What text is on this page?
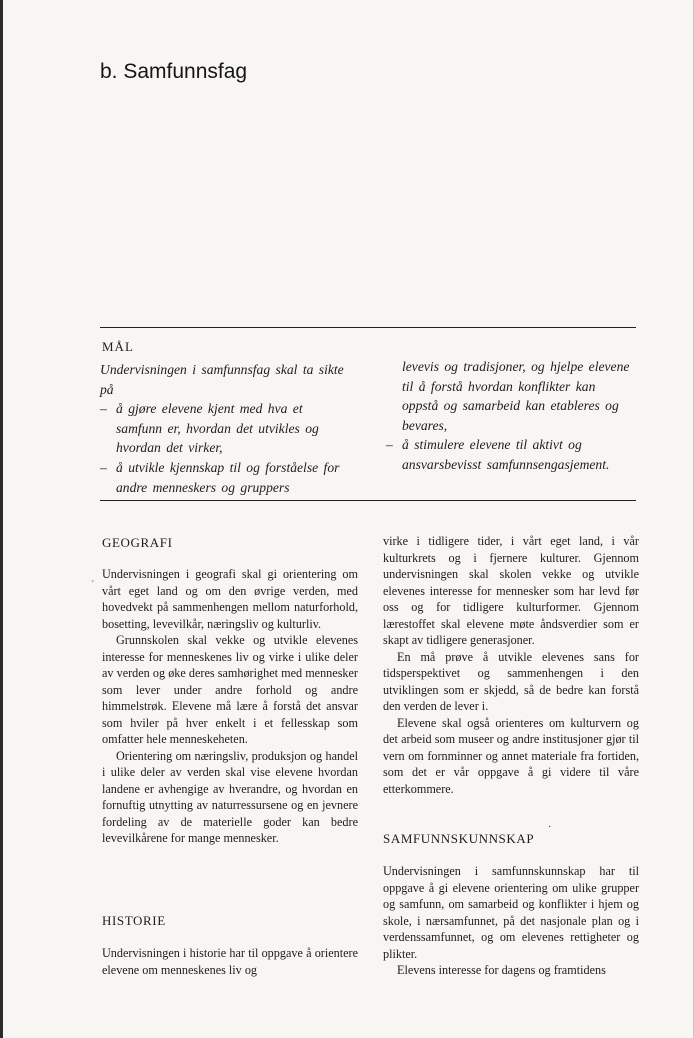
b. Samfunnsfag
MÅL

Undervisningen i samfunnsfag skal ta sikte på

– å gjøre elevene kjent med hva et samfunn er, hvordan det utvikles og hvordan det virker,

– å utvikle kjennskap til og forståelse for andre menneskers og gruppers

levevis og tradisjoner, og hjelpe elevene til å forstå hvordan konflikter kan oppstå og samarbeid kan etableres og bevares,

– å stimulere elevene til aktivt og ansvarsbevisst samfunnsengasjement.

GEOGRAFI

Undervisningen i geografi skal gi orientering om vårt eget land og om den øvrige verden, med hovedvekt på sammenhengen mellom naturforhold, bosetting, levevilkår, næringsliv og kulturliv.

Grunnskolen skal vekke og utvikle elevenes interesse for menneskenes liv og virke i ulike deler av verden og øke deres samhørighet med mennesker som lever under andre forhold og andre himmelstrøk. Elevene må lære å forstå det ansvar som hviler på hver enkelt i et fellesskap som omfatter hele menneskeheten.

Orientering om næringsliv, produksjon og handel i ulike deler av verden skal vise elevene hvordan landene er avhengige av hverandre, og hvordan en fornuftig utnytting av naturressursene og en jevnere fordeling av de materielle goder kan bedre levevilkårene for mange mennesker.

HISTORIE

Undervisningen i historie har til oppgave å orientere elevene om menneskenes liv og

virke i tidligere tider, i vårt eget land, i vår kulturkrets og i fjernere kulturer. Gjennom undervisningen skal skolen vekke og utvikle elevenes interesse for mennesker som har levd før oss og for tidligere kulturformer. Gjennom lærestoffet skal elevene møte åndsverdier som er skapt av tidligere generasjoner.

En må prøve å utvikle elevenes sans for tidsperspektivet og sammenhengen i den utviklingen som er skjedd, så de bedre kan forstå den verden de lever i.

Elevene skal også orienteres om kulturvern og det arbeid som museer og andre institusjoner gjør til vern om fornminner og annet materiale fra fortiden, som det er vår oppgave å gi videre til våre etterkommere.

SAMFUNNSKUNNSKAP

Undervisningen i samfunnskunnskap har til oppgave å gi elevene orientering om ulike grupper og samfunn, om samarbeid og konflikter i hjem og skole, i nærsamfunnet, på det nasjonale plan og i verdenssamfunnet, og om elevenes rettigheter og plikter.

Elevens interesse for dagens og framtidens

´
·
